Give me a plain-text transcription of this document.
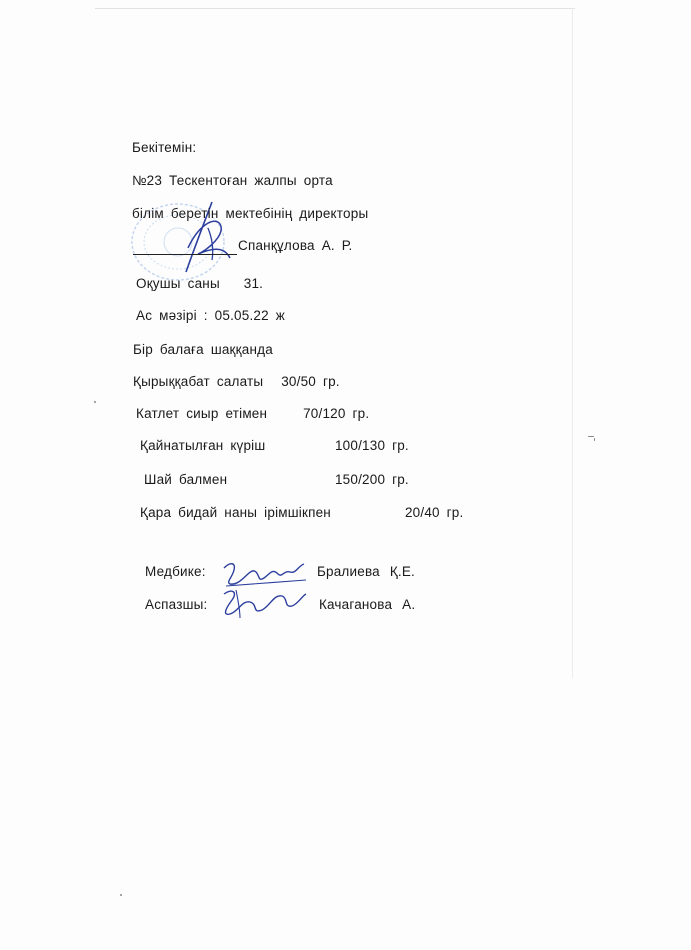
Бекітемін:
№23 Тескентоған жалпы орта
білім беретін мектебінің директоры
Спанқұлова А. Р.
Оқушы саны 31.
Ас мәзірі : 05.05.22 ж
Бір балаға шаққанда
Қырыққабат салаты 30/50 гр.
Катлет сиыр етімен	70/120 гр.
Қайнатылған күріш	100/130 гр.
Шай балмен	150/200 гр.
Қара бидай наны ірімшікпен	20/40 гр.
Медбике:	Бралиева Қ.Е.
Аспазшы:	Качаганова А.
